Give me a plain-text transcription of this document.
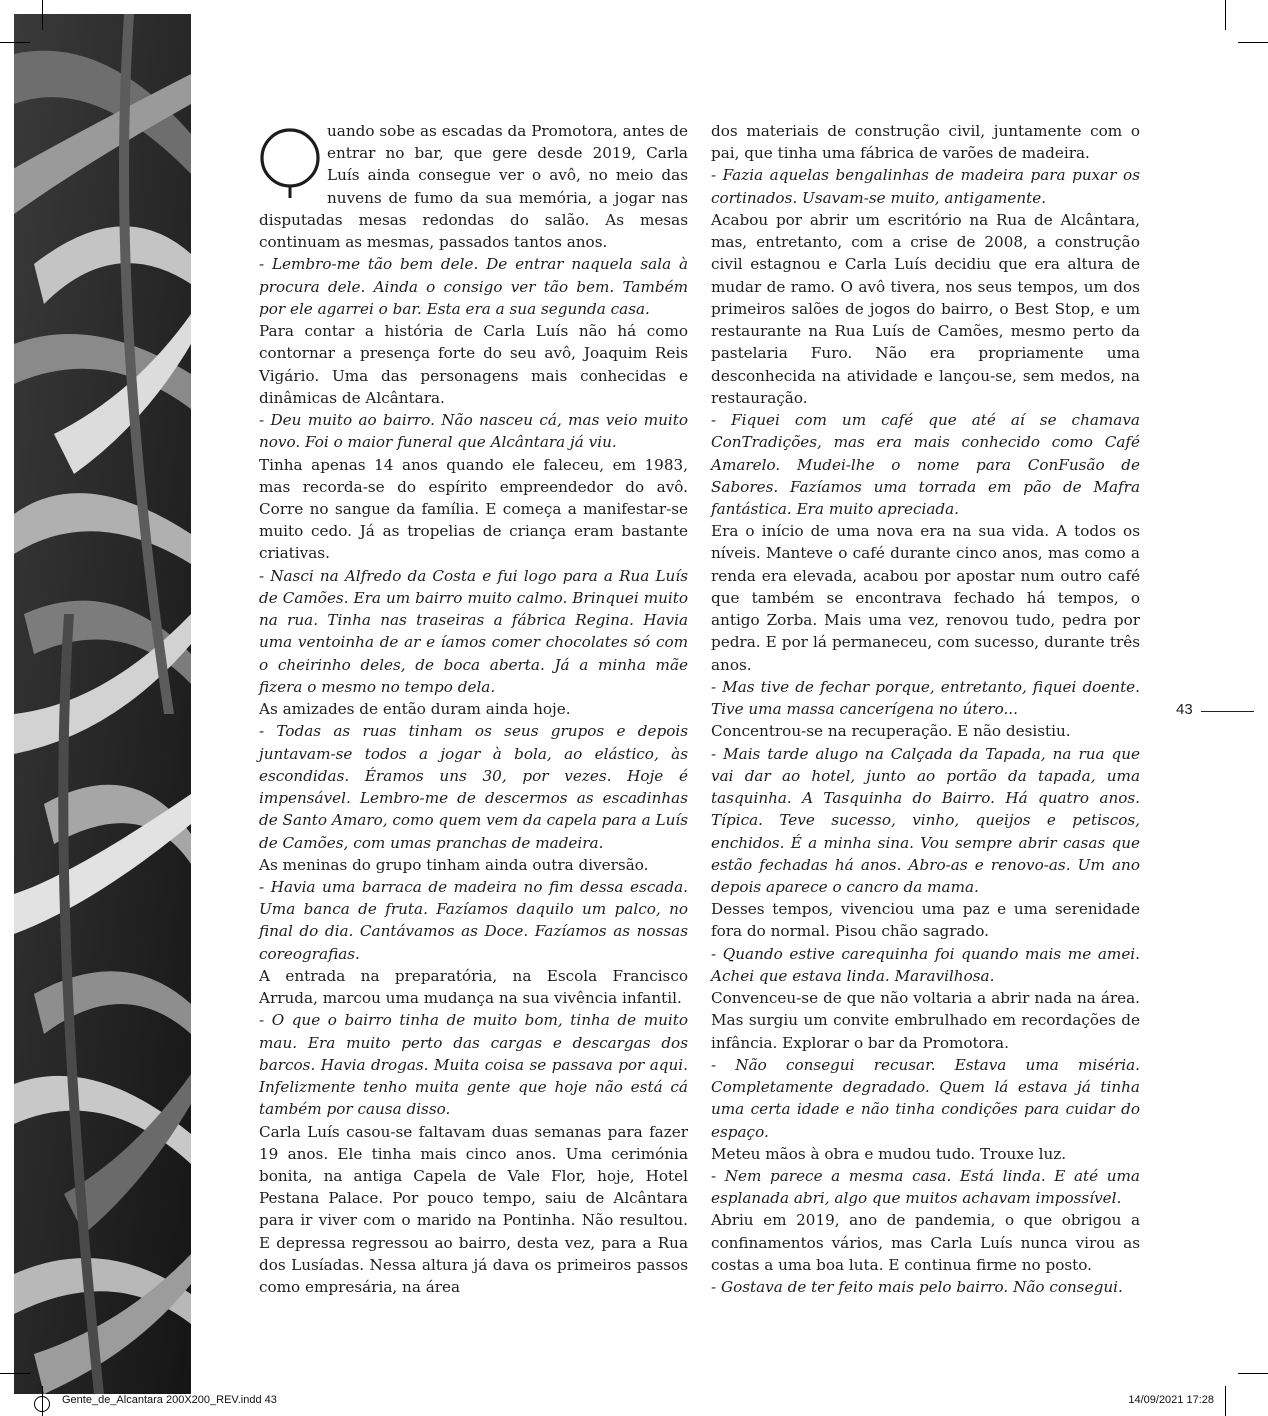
uando sobe as escadas da Promotora, antes de entrar no bar, que gere desde 2019, Carla Luís ainda consegue ver o avô, no meio das nuvens de fumo da sua memória, a jogar nas disputadas mesas redondas do salão. As mesas continuam as mesmas, passados tantos anos.

- Lembro-me tão bem dele. De entrar naquela sala à procura dele. Ainda o consigo ver tão bem. Também por ele agarrei o bar. Esta era a sua segunda casa.

Para contar a história de Carla Luís não há como contornar a presença forte do seu avô, Joaquim Reis Vigário. Uma das personagens mais conhecidas e dinâmicas de Alcântara.

- Deu muito ao bairro. Não nasceu cá, mas veio muito novo. Foi o maior funeral que Alcântara já viu.

Tinha apenas 14 anos quando ele faleceu, em 1983, mas recorda-se do espírito empreendedor do avô. Corre no sangue da família. E começa a manifestar-se muito cedo. Já as tropelias de criança eram bastante criativas.

- Nasci na Alfredo da Costa e fui logo para a Rua Luís de Camões. Era um bairro muito calmo. Brinquei muito na rua. Tinha nas traseiras a fábrica Regina. Havia uma ventoinha de ar e íamos comer chocolates só com o cheirinho deles, de boca aberta. Já a minha mãe fizera o mesmo no tempo dela.

As amizades de então duram ainda hoje.

- Todas as ruas tinham os seus grupos e depois juntavam-se todos a jogar à bola, ao elástico, às escondidas. Éramos uns 30, por vezes. Hoje é impensável. Lembro-me de descermos as escadinhas de Santo Amaro, como quem vem da capela para a Luís de Camões, com umas pranchas de madeira.

As meninas do grupo tinham ainda outra diversão.

- Havia uma barraca de madeira no fim dessa escada. Uma banca de fruta. Fazíamos daquilo um palco, no final do dia. Cantávamos as Doce. Fazíamos as nossas coreografias.

A entrada na preparatória, na Escola Francisco Arruda, marcou uma mudança na sua vivência infantil.

- O que o bairro tinha de muito bom, tinha de muito mau. Era muito perto das cargas e descargas dos barcos. Havia drogas. Muita coisa se passava por aqui. Infelizmente tenho muita gente que hoje não está cá também por causa disso.

Carla Luís casou-se faltavam duas semanas para fazer 19 anos. Ele tinha mais cinco anos. Uma cerimónia bonita, na antiga Capela de Vale Flor, hoje, Hotel Pestana Palace. Por pouco tempo, saiu de Alcântara para ir viver com o marido na Pontinha. Não resultou. E depressa regressou ao bairro, desta vez, para a Rua dos Lusíadas. Nessa altura já dava os primeiros passos como empresária, na área

dos materiais de construção civil, juntamente com o pai, que tinha uma fábrica de varões de madeira.

- Fazia aquelas bengalinhas de madeira para puxar os cortinados. Usavam-se muito, antigamente.

Acabou por abrir um escritório na Rua de Alcântara, mas, entretanto, com a crise de 2008, a construção civil estagnou e Carla Luís decidiu que era altura de mudar de ramo. O avô tivera, nos seus tempos, um dos primeiros salões de jogos do bairro, o Best Stop, e um restaurante na Rua Luís de Camões, mesmo perto da pastelaria Furo. Não era propriamente uma desconhecida na atividade e lançou-se, sem medos, na restauração.

- Fiquei com um café que até aí se chamava ConTradições, mas era mais conhecido como Café Amarelo. Mudei-lhe o nome para ConFusão de Sabores. Fazíamos uma torrada em pão de Mafra fantástica. Era muito apreciada.

Era o início de uma nova era na sua vida. A todos os níveis. Manteve o café durante cinco anos, mas como a renda era elevada, acabou por apostar num outro café que também se encontrava fechado há tempos, o antigo Zorba. Mais uma vez, renovou tudo, pedra por pedra. E por lá permaneceu, com sucesso, durante três anos.

- Mas tive de fechar porque, entretanto, fiquei doente. Tive uma massa cancerígena no útero...

Concentrou-se na recuperação. E não desistiu.

- Mais tarde alugo na Calçada da Tapada, na rua que vai dar ao hotel, junto ao portão da tapada, uma tasquinha. A Tasquinha do Bairro. Há quatro anos. Típica. Teve sucesso, vinho, queijos e petiscos, enchidos. É a minha sina. Vou sempre abrir casas que estão fechadas há anos. Abro-as e renovo-as. Um ano depois aparece o cancro da mama.

Desses tempos, vivenciou uma paz e uma serenidade fora do normal. Pisou chão sagrado.

- Quando estive carequinha foi quando mais me amei. Achei que estava linda. Maravilhosa.

Convenceu-se de que não voltaria a abrir nada na área. Mas surgiu um convite embrulhado em recordações de infância. Explorar o bar da Promotora.

- Não consegui recusar. Estava uma miséria. Completamente degradado. Quem lá estava já tinha uma certa idade e não tinha condições para cuidar do espaço.

Meteu mãos à obra e mudou tudo. Trouxe luz.

- Nem parece a mesma casa. Está linda. E até uma esplanada abri, algo que muitos achavam impossível.

Abriu em 2019, ano de pandemia, o que obrigou a confinamentos vários, mas Carla Luís nunca virou as costas a uma boa luta. E continua firme no posto.

- Gostava de ter feito mais pelo bairro. Não consegui.

43
Gente_de_Alcantara 200X200_REV.indd 43	14/09/2021 17:28
